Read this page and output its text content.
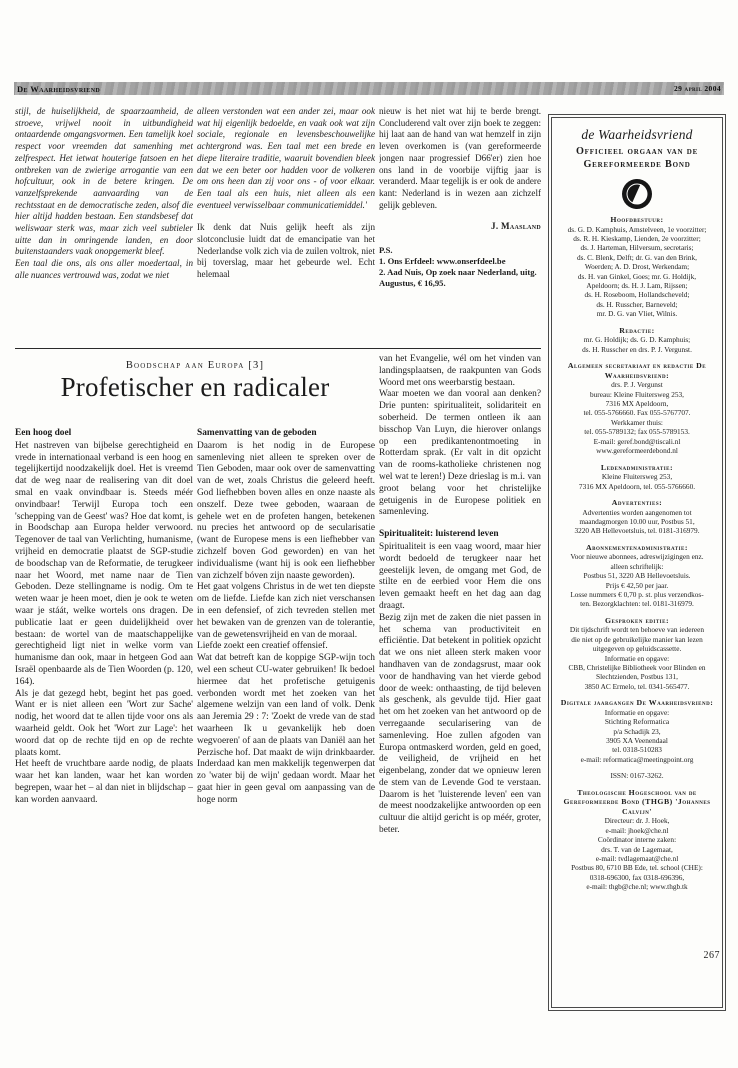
De Waarheidsvriend	29 april 2004

stijl, de huiselijkheid, de spaarzaamheid, de stroeve, vrijwel nooit in uitbundigheid ontaardende omgangsvormen. Een tamelijk koel respect voor vreemden dat samenhing met zelfrespect. Het ietwat houterige fatsoen en het ontbreken van de zwierige arrogantie van een hofcultuur, ook in de betere kringen. De vanzelfsprekende aanvaarding van de rechtsstaat en de democratische zeden, alsof die hier altijd hadden bestaan. Een standsbesef dat weliswaar sterk was, maar zich veel subtieler uitte dan in omringende landen, en door buitenstaanders vaak onopgemerkt bleef.

Een taal die ons, als ons aller moedertaal, in alle nuances vertrouwd was, zodat we niet

alleen verstonden wat een ander zei, maar ook wat hij eigenlijk bedoelde, en vaak ook wat zijn sociale, regionale en levensbeschouwelijke achtergrond was. Een taal met een brede en diepe literaire traditie, waaruit bovendien bleek dat we een beter oor hadden voor de volkeren om ons heen dan zij voor ons - of voor elkaar. Een taal als een huis, niet alleen als een eventueel verwisselbaar communicatiemiddel.'

Ik denk dat Nuis gelijk heeft als zijn slotconclusie luidt dat de emancipatie van het Nederlandse volk zich via de zuilen voltrok, niet bij toverslag, maar het gebeurde wel. Echt helemaal

nieuw is het niet wat hij te berde brengt. Concluderend valt over zijn boek te zeggen: hij laat aan de hand van wat hemzelf in zijn leven overkomen is (van gereformeerde jongen naar progressief D66'er) zien hoe ons land in de voorbije vijftig jaar is veranderd. Maar tegelijk is er ook de andere kant: Nederland is in wezen aan zichzelf gelijk gebleven.

J. Maasland
P.S.
1. Ons Erfdeel: www.onserfdeel.be
2. Aad Nuis, Op zoek naar Nederland, uitg. Augustus, € 16,95.
Boodschap aan Europa [3]
Profetischer en radicaler
Een hoog doel

Het nastreven van bijbelse gerechtigheid en vrede in internationaal verband is een hoog en tegelijkertijd noodzakelijk doel. Het is vreemd dat de weg naar de realisering van dit doel smal en vaak onvindbaar is. Steeds méér onvindbaar! Terwijl Europa toch een 'schepping van de Geest' was? Hoe dat komt, is in Boodschap aan Europa helder verwoord. Tegenover de taal van Verlichting, humanisme, vrijheid en democratie plaatst de SGP-studie de boodschap van de Reformatie, de terugkeer naar het Woord, met name naar de Tien Geboden. Deze stellingname is nodig. Om te weten waar je heen moet, dien je ook te weten waar je stáát, welke wortels ons dragen. De publicatie laat er geen duidelijkheid over bestaan: de wortel van de maatschappelijke gerechtigheid ligt niet in welke vorm van humanisme dan ook, maar in hetgeen God aan Israël openbaarde als de Tien Woorden (p. 120, 164).

Als je dat gezegd hebt, begint het pas goed. Want er is niet alleen een 'Wort zur Sache' nodig, het woord dat te allen tijde voor ons als waarheid geldt. Ook het 'Wort zur Lage': het woord dat op de rechte tijd en op de rechte plaats komt.

Het heeft de vruchtbare aarde nodig, de plaats waar het kan landen, waar het kan worden begrepen, waar het – al dan niet in blijdschap – kan worden aanvaard.

Samenvatting van de geboden

Daarom is het nodig in de Europese samenleving niet alleen te spreken over de Tien Geboden, maar ook over de samenvatting van de wet, zoals Christus die geleerd heeft. God liefhebben boven alles en onze naaste als onszelf. Deze twee geboden, waaraan de gehele wet en de profeten hangen, betekenen nu precies het antwoord op de secularisatie (want de Europese mens is een liefhebber van zichzelf boven God geworden) en van het individualisme (want hij is ook een liefhebber van zichzelf bóven zijn naaste geworden).

Het gaat volgens Christus in de wet ten diepste om de liefde. Liefde kan zich niet verschansen in een defensief, of zich tevreden stellen met het bewaken van de grenzen van de tolerantie, van de gewetensvrijheid en van de moraal.

Liefde zoekt een creatief offensief.

Wat dat betreft kan de koppige SGP-wijn toch wel een scheut CU-water gebruiken! Ik bedoel hiermee dat het profetische getuigenis verbonden wordt met het zoeken van het algemene welzijn van een land of volk. Denk aan Jeremia 29 : 7: 'Zoekt de vrede van de stad waarheen Ik u gevankelijk heb doen wegvoeren' of aan de plaats van Daniël aan het Perzische hof. Dat maakt de wijn drinkbaarder. Inderdaad kan men makkelijk tegenwerpen dat zo 'water bij de wijn' gedaan wordt. Maar het gaat hier in geen geval om aanpassing van de hoge norm

van het Evangelie, wél om het vinden van landingsplaatsen, de raakpunten van Gods Woord met ons weerbarstig bestaan.

Waar moeten we dan vooral aan denken? Drie punten: spiritualiteit, solidariteit en soberheid. De termen ontleen ik aan bisschop Van Luyn, die hierover onlangs op een predikantenontmoeting in Rotterdam sprak. (Er valt in dit opzicht van de rooms-katholieke christenen nog wel wat te leren!) Deze drieslag is m.i. van groot belang voor het christelijke getuigenis in de Europese politiek en samenleving.

Spiritualiteit: luisterend leven

Spiritualiteit is een vaag woord, maar hier wordt bedoeld de terugkeer naar het geestelijk leven, de omgang met God, de stilte en de eerbied voor Hem die ons leven gemaakt heeft en het dag aan dag draagt.

Bezig zijn met de zaken die niet passen in het schema van productiviteit en efficiëntie. Dat betekent in politiek opzicht dat we ons niet alleen sterk maken voor handhaven van de zondagsrust, maar ook voor de handhaving van het vierde gebod door de week: onthaasting, de tijd beleven als geschenk, als gevulde tijd. Hier gaat het om het zoeken van het antwoord op de verregaande secularisering van de samenleving. Hoe zullen afgoden van Europa ontmaskerd worden, geld en goed, de veiligheid, de vrijheid en het eigenbelang, zonder dat we opnieuw leren de stem van de Levende God te verstaan. Daarom is het 'luisterende leven' een van de meest noodzakelijke antwoorden op een cultuur die altijd gericht is op méér, groter, beter.

de Waarheidsvriend
Officieel orgaan van de Gereformeerde Bond
Hoofdbestuur:
ds. G. D. Kamphuis, Amstelveen, 1e voorzitter;
ds. R. H. Kieskamp, Lienden, 2e voorzitter;
ds. J. Harteman, Hilversum, secretaris;
ds. C. Blenk, Delft; dr. G. van den Brink,
Woerden; A. D. Drost, Werkendam;
ds. H. van Ginkel, Goes; mr. G. Holdijk,
Apeldoorn; ds. H. J. Lam, Rijssen;
ds. H. Roseboom, Hollandscheveld;
ds. H. Russcher, Barneveld;
mr. D. G. van Vliet, Wilnis.
Redactie:
mr. G. Holdijk; ds. G. D. Kamphuis;
ds. H. Russcher en drs. P. J. Vergunst.
Algemeen secretariaat en redactie De Waarheidsvriend:
drs. P. J. Vergunst
bureau: Kleine Fluitersweg 253,
7316 MX Apeldoorn,
tel. 055-5766660. Fax 055-5767707.
Werkkamer thuis:
tel. 055-5789132; fax 055-5789153.
E-mail: geref.bond@tiscali.nl
www.gereformeerdebond.nl
Ledenadministratie:
Kleine Fluitersweg 253,
7316 MX Apeldoorn, tel. 055-5766660.
Advertenties:
Advertenties worden aangenomen tot
maandagmorgen 10.00 uur, Postbus 51,
3220 AB Hellevoetsluis, tel. 0181-316979.
Abonnementenadministratie:
Voor nieuwe abonnees, adreswijzigingen enz.
alleen schriftelijk:
Postbus 51, 3220 AB Hellevoetsluis.
Prijs € 42,50 per jaar.
Losse nummers € 0,70 p. st. plus verzendkos-
ten. Bezorgklachten: tel. 0181-316979.
Gesproken editie:
Dit tijdschrift wordt ten behoeve van iedereen
die niet op de gebruikelijke manier kan lezen
uitgegeven op geluidscassette.
Informatie en opgave:
CBB, Christelijke Bibliotheek voor Blinden en
Slechtzienden, Postbus 131,
3850 AC Ermelo, tel. 0341-565477.
Digitale jaargangen De Waarheidsvriend:
Informatie en opgave:
Stichting Reformatica
p/a Schadijk 23,
3905 XA Veenendaal
tel. 0318-510283
e-mail: reformatica@meetingpoint.org
ISSN: 0167-3262.
Theologische Hogeschool van de Gereformeerde Bond (THGB) 'Johannes Calvijn'
Directeur: dr. J. Hoek,
e-mail: jhoek@che.nl
Coördinator interne zaken:
drs. T. van de Lagemaat,
e-mail: tvdlagemaat@che.nl
Postbus 80, 6710 BB Ede, tel. school (CHE):
0318-696300, fax 0318-696396,
e-mail: thgb@che.nl; www.thgb.tk
267
